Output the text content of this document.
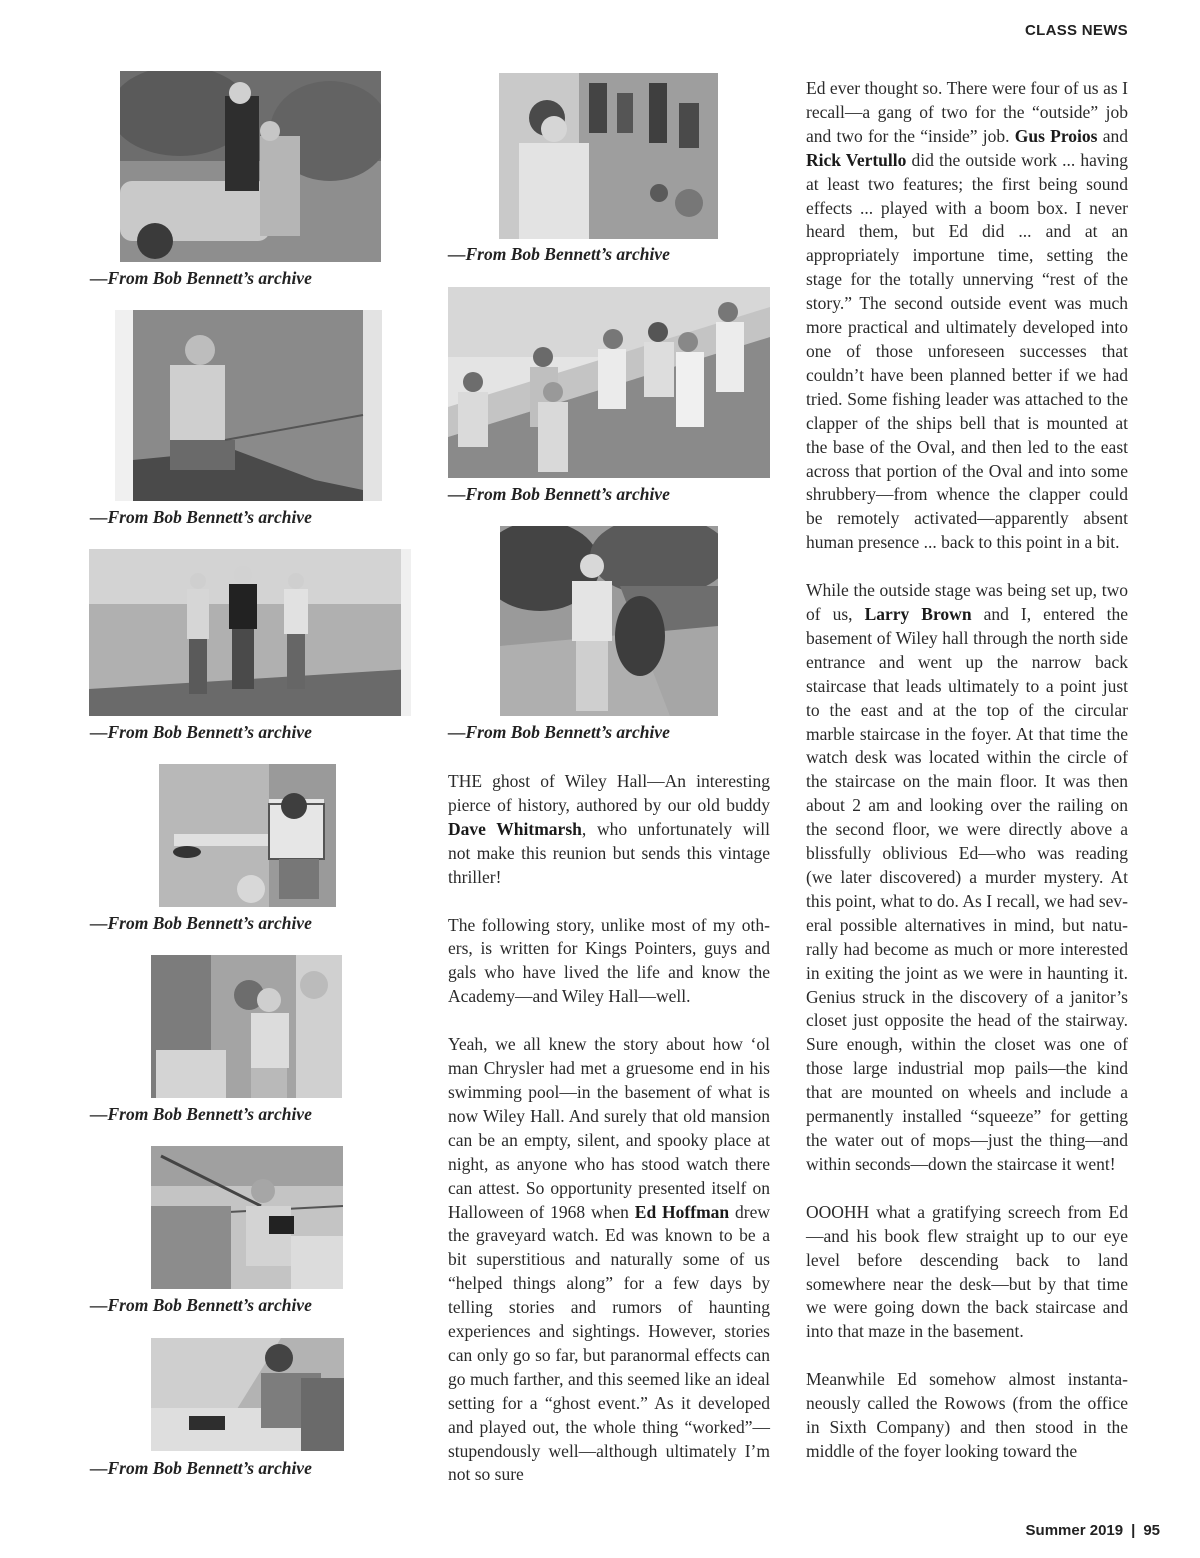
CLASS NEWS
—From Bob Bennett’s archive
—From Bob Bennett’s archive
—From Bob Bennett’s archive
—From Bob Bennett’s archive
—From Bob Bennett’s archive
—From Bob Bennett’s archive
—From Bob Bennett’s archive
—From Bob Bennett’s archive
—From Bob Bennett’s archive
—From Bob Bennett’s archive

THE ghost of Wiley Hall—An interesting pierce of history, authored by our old buddy Dave Whitmarsh, who unfortunately will not make this reunion but sends this vintage thriller!

The following story, unlike most of my others, is written for Kings Pointers, guys and gals who have lived the life and know the Academy—and Wiley Hall—well.

Yeah, we all knew the story about how ‘ol man Chrysler had met a gruesome end in his swimming pool—in the basement of what is now Wiley Hall. And surely that old mansion can be an empty, silent, and spooky place at night, as anyone who has stood watch there can attest. So opportunity presented itself on Halloween of 1968 when Ed Hoffman drew the graveyard watch. Ed was known to be a bit superstitious and naturally some of us “helped things along” for a few days by telling stories and rumors of haunting experiences and sightings. However, stories can only go so far, but paranormal effects can go much farther, and this seemed like an ideal setting for a “ghost event.” As it developed and played out, the whole thing “worked”—stupendously well—although ultimately I’m not so sure

Ed ever thought so. There were four of us as I recall—a gang of two for the “outside” job and two for the “inside” job. Gus Proios and Rick Vertullo did the outside work ... having at least two features; the first being sound effects ... played with a boom box. I never heard them, but Ed did ... and at an appropriately importune time, setting the stage for the totally unnerving “rest of the story.” The second outside event was much more practical and ultimately developed into one of those unforeseen successes that couldn’t have been planned better if we had tried. Some fishing leader was attached to the clapper of the ships bell that is mounted at the base of the Oval, and then led to the east across that portion of the Oval and into some shrubbery—from whence the clapper could be remotely activated—apparently absent human presence ... back to this point in a bit.

While the outside stage was being set up, two of us, Larry Brown and I, entered the basement of Wiley hall through the north side entrance and went up the narrow back staircase that leads ultimately to a point just to the east and at the top of the circular marble staircase in the foyer. At that time the watch desk was located within the circle of the staircase on the main floor. It was then about 2 am and looking over the railing on the second floor, we were directly above a blissfully oblivious Ed—who was reading (we later discovered) a murder mystery. At this point, what to do. As I recall, we had several possible alternatives in mind, but naturally had become as much or more interested in exiting the joint as we were in haunting it. Genius struck in the discovery of a janitor’s closet just opposite the head of the stairway. Sure enough, within the closet was one of those large industrial mop pails—the kind that are mounted on wheels and include a permanently installed “squeeze” for getting the water out of mops—just the thing—and within seconds—down the staircase it went!

OOOHH what a gratifying screech from Ed—and his book flew straight up to our eye level before descending back to land somewhere near the desk—but by that time we were going down the back staircase and into that maze in the basement.

Meanwhile Ed somehow almost instantaneously called the Rowows (from the office in Sixth Company) and then stood in the middle of the foyer looking toward the

Summer 2019 | 95
